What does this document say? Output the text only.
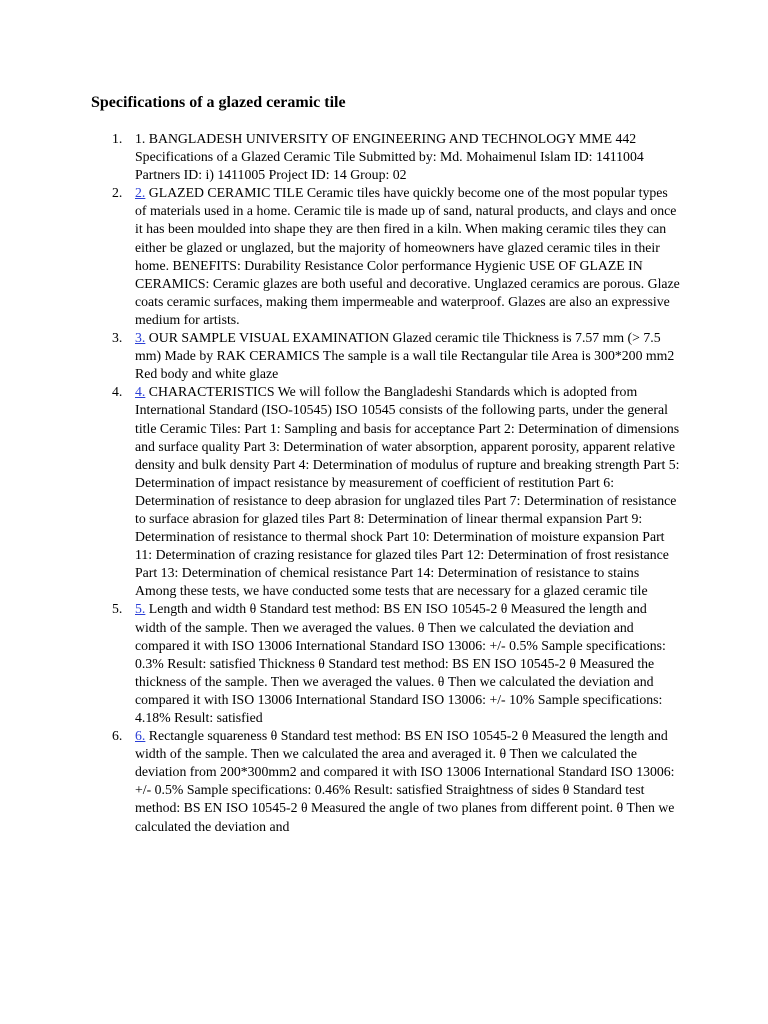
Specifications of a glazed ceramic tile
1. 1. BANGLADESH UNIVERSITY OF ENGINEERING AND TECHNOLOGY MME 442 Specifications of a Glazed Ceramic Tile Submitted by: Md. Mohaimenul Islam ID: 1411004 Partners ID: i) 1411005 Project ID: 14 Group: 02
2. 2. GLAZED CERAMIC TILE Ceramic tiles have quickly become one of the most popular types of materials used in a home. Ceramic tile is made up of sand, natural products, and clays and once it has been moulded into shape they are then fired in a kiln. When making ceramic tiles they can either be glazed or unglazed, but the majority of homeowners have glazed ceramic tiles in their home. BENEFITS: Durability Resistance Color performance Hygienic USE OF GLAZE IN CERAMICS: Ceramic glazes are both useful and decorative. Unglazed ceramics are porous. Glaze coats ceramic surfaces, making them impermeable and waterproof. Glazes are also an expressive medium for artists.
3. 3. OUR SAMPLE VISUAL EXAMINATION Glazed ceramic tile Thickness is 7.57 mm (> 7.5 mm) Made by RAK CERAMICS The sample is a wall tile Rectangular tile Area is 300*200 mm2 Red body and white glaze
4. 4. CHARACTERISTICS We will follow the Bangladeshi Standards which is adopted from International Standard (ISO-10545) ISO 10545 consists of the following parts, under the general title Ceramic Tiles: Part 1: Sampling and basis for acceptance Part 2: Determination of dimensions and surface quality Part 3: Determination of water absorption, apparent porosity, apparent relative density and bulk density Part 4: Determination of modulus of rupture and breaking strength Part 5: Determination of impact resistance by measurement of coefficient of restitution Part 6: Determination of resistance to deep abrasion for unglazed tiles Part 7: Determination of resistance to surface abrasion for glazed tiles Part 8: Determination of linear thermal expansion Part 9: Determination of resistance to thermal shock Part 10: Determination of moisture expansion Part 11: Determination of crazing resistance for glazed tiles Part 12: Determination of frost resistance Part 13: Determination of chemical resistance Part 14: Determination of resistance to stains Among these tests, we have conducted some tests that are necessary for a glazed ceramic tile
5. 5. Length and width θ Standard test method: BS EN ISO 10545-2 θ Measured the length and width of the sample. Then we averaged the values. θ Then we calculated the deviation and compared it with ISO 13006 International Standard ISO 13006: +/- 0.5% Sample specifications: 0.3% Result: satisfied Thickness θ Standard test method: BS EN ISO 10545-2 θ Measured the thickness of the sample. Then we averaged the values. θ Then we calculated the deviation and compared it with ISO 13006 International Standard ISO 13006: +/- 10% Sample specifications: 4.18% Result: satisfied
6. 6. Rectangle squareness θ Standard test method: BS EN ISO 10545-2 θ Measured the length and width of the sample. Then we calculated the area and averaged it. θ Then we calculated the deviation from 200*300mm2 and compared it with ISO 13006 International Standard ISO 13006: +/- 0.5% Sample specifications: 0.46% Result: satisfied Straightness of sides θ Standard test method: BS EN ISO 10545-2 θ Measured the angle of two planes from different point. θ Then we calculated the deviation and
